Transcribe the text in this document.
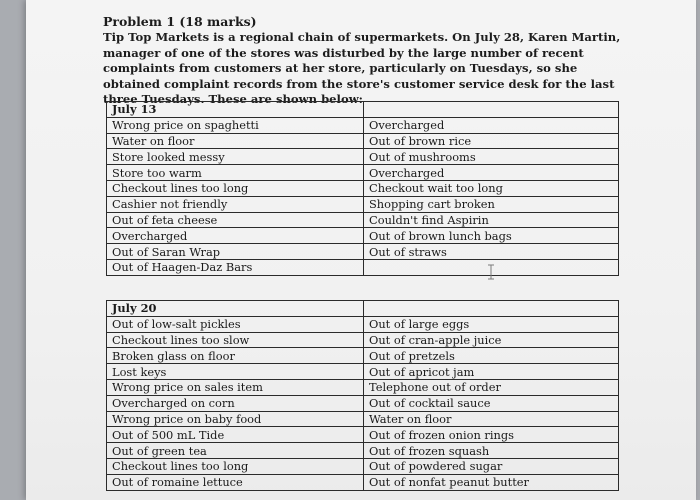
Problem 1 (18 marks)
Tip Top Markets is a regional chain of supermarkets. On July 28, Karen Martin, manager of one of the stores was disturbed by the large number of recent complaints from customers at her store, particularly on Tuesdays, so she obtained complaint records from the store's customer service desk for the last three Tuesdays. These are shown below:
July 13	
Wrong price on spaghetti	Overcharged
Water on floor	Out of brown rice
Store looked messy	Out of mushrooms
Store too warm	Overcharged
Checkout lines too long	Checkout wait too long
Cashier not friendly	Shopping cart broken
Out of feta cheese	Couldn't find Aspirin
Overcharged	Out of brown lunch bags
Out of Saran Wrap	Out of straws
Out of Haagen-Daz Bars	
July 20	
Out of low-salt pickles	Out of large eggs
Checkout lines too slow	Out of cran-apple juice
Broken glass on floor	Out of pretzels
Lost keys	Out of apricot jam
Wrong price on sales item	Telephone out of order
Overcharged on corn	Out of cocktail sauce
Wrong price on baby food	Water on floor
Out of 500 mL Tide	Out of frozen onion rings
Out of green tea	Out of frozen squash
Checkout lines too long	Out of powdered sugar
Out of romaine lettuce	Out of nonfat peanut butter
